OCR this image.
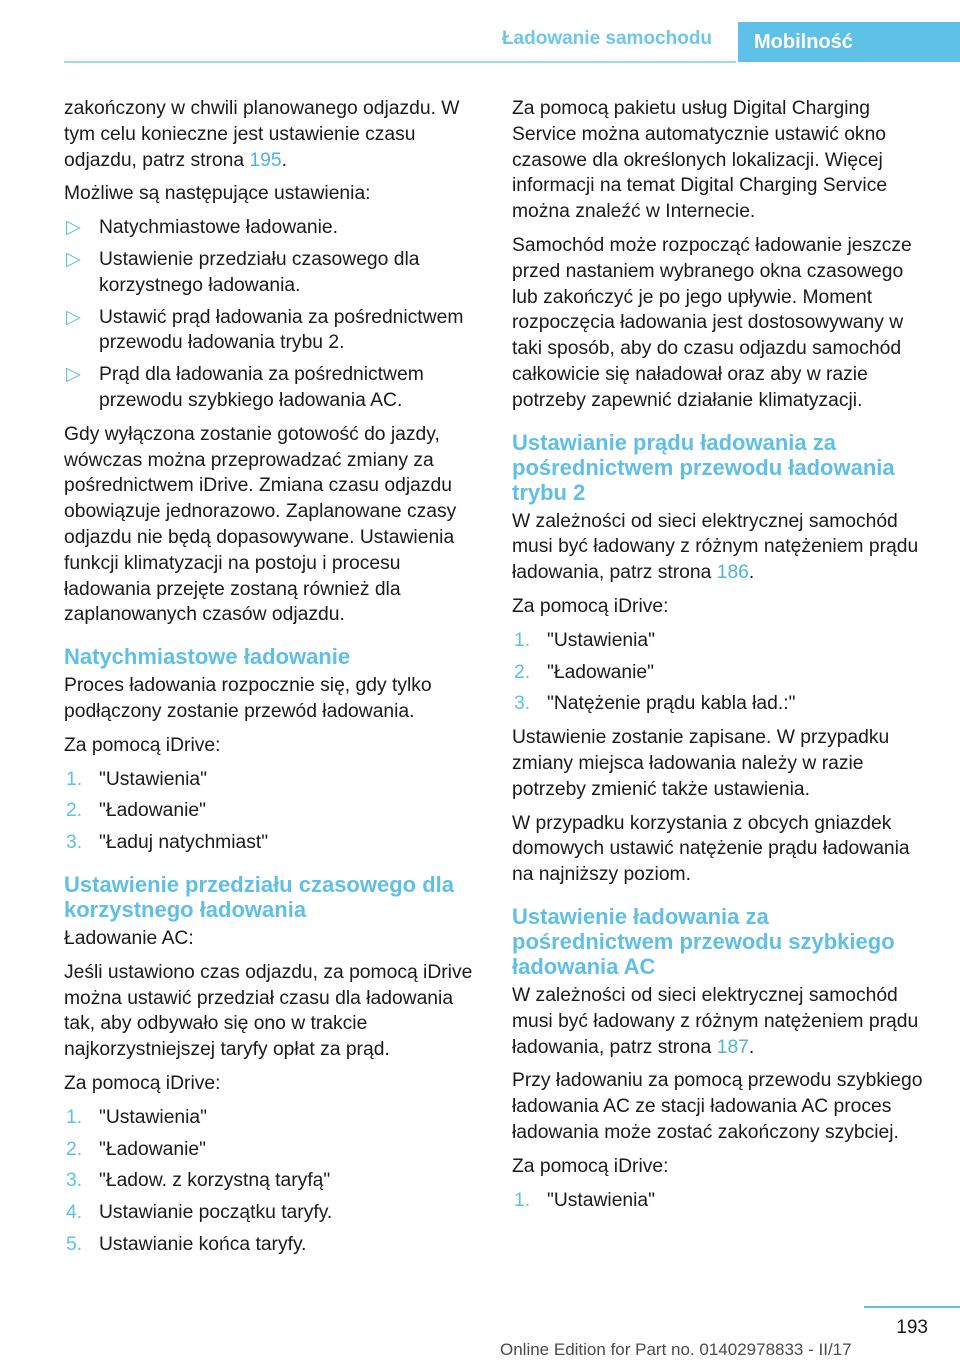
Ładowanie samochodu	Mobilność

zakończony w chwili planowanego odjazdu. W tym celu konieczne jest ustawienie czasu odjazdu, patrz strona 195.

Możliwe są następujące ustawienia:

▷ Natychmiastowe ładowanie.
▷ Ustawienie przedziału czasowego dla korzystnego ładowania.
▷ Ustawić prąd ładowania za pośrednictwem przewodu ładowania trybu 2.
▷ Prąd dla ładowania za pośrednictwem przewodu szybkiego ładowania AC.

Gdy wyłączona zostanie gotowość do jazdy, wówczas można przeprowadzać zmiany za pośrednictwem iDrive. Zmiana czasu odjazdu obowiązuje jednorazowo. Zaplanowane czasy odjazdu nie będą dopasowywane. Ustawienia funkcji klimatyzacji na postoju i procesu ładowania przejęte zostaną również dla zaplanowanych czasów odjazdu.

Natychmiastowe ładowanie

Proces ładowania rozpocznie się, gdy tylko podłączony zostanie przewód ładowania.

Za pomocą iDrive:

1. "Ustawienia"
2. "Ładowanie"
3. "Ładuj natychmiast"
Ustawienie przedziału czasowego dla korzystnego ładowania

Ładowanie AC:

Jeśli ustawiono czas odjazdu, za pomocą iDrive można ustawić przedział czasu dla ładowania tak, aby odbywało się ono w trakcie najkorzystniejszej taryfy opłat za prąd.

Za pomocą iDrive:

1. "Ustawienia"
2. "Ładowanie"
3. "Ładow. z korzystną taryfą"
4. Ustawianie początku taryfy.
5. Ustawianie końca taryfy.

Za pomocą pakietu usług Digital Charging Service można automatycznie ustawić okno czasowe dla określonych lokalizacji. Więcej informacji na temat Digital Charging Service można znaleźć w Internecie.

Samochód może rozpocząć ładowanie jeszcze przed nastaniem wybranego okna czasowego lub zakończyć je po jego upływie. Moment rozpoczęcia ładowania jest dostosowywany w taki sposób, aby do czasu odjazdu samochód całkowicie się naładował oraz aby w razie potrzeby zapewnić działanie klimatyzacji.

Ustawianie prądu ładowania za pośrednictwem przewodu ładowania trybu 2

W zależności od sieci elektrycznej samochód musi być ładowany z różnym natężeniem prądu ładowania, patrz strona 186.

Za pomocą iDrive:

1. "Ustawienia"
2. "Ładowanie"
3. "Natężenie prądu kabla ład.:"

Ustawienie zostanie zapisane. W przypadku zmiany miejsca ładowania należy w razie potrzeby zmienić także ustawienia.

W przypadku korzystania z obcych gniazdek domowych ustawić natężenie prądu ładowania na najniższy poziom.

Ustawienie ładowania za pośrednictwem przewodu szybkiego ładowania AC

W zależności od sieci elektrycznej samochód musi być ładowany z różnym natężeniem prądu ładowania, patrz strona 187.

Przy ładowaniu za pomocą przewodu szybkiego ładowania AC ze stacji ładowania AC proces ładowania może zostać zakończony szybciej.

Za pomocą iDrive:

1. "Ustawienia"
193
Online Edition for Part no. 01402978833 - II/17
